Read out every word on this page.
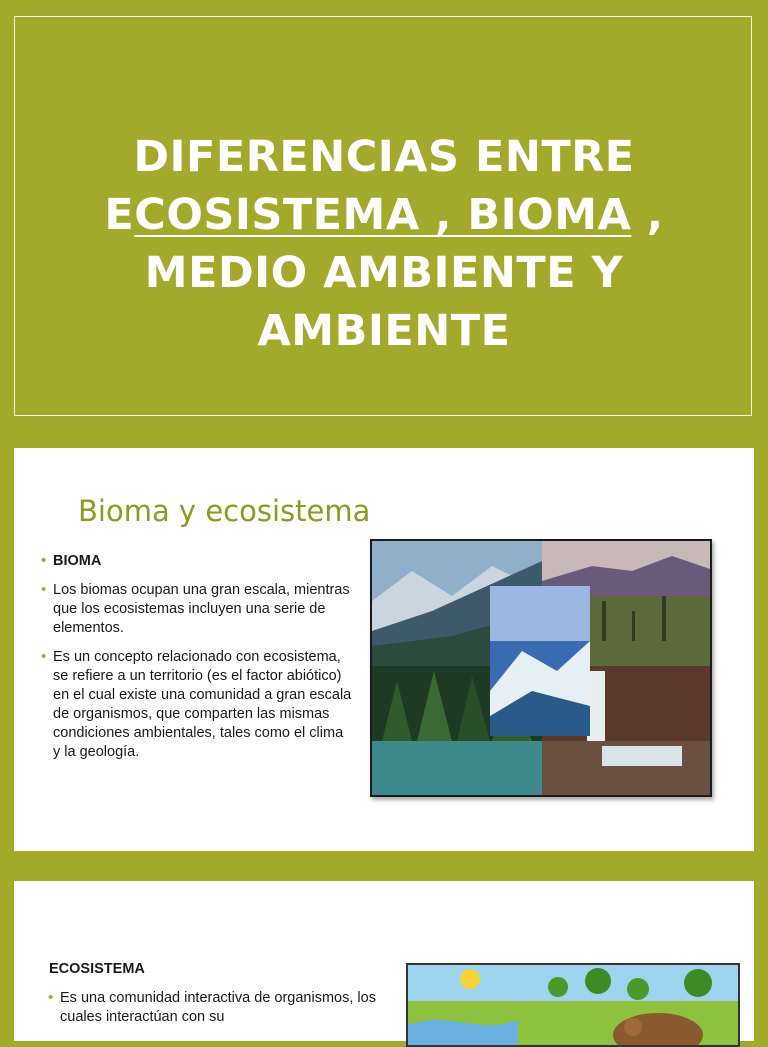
DIFERENCIAS ENTRE
ECOSISTEMA , BIOMA ,
MEDIO AMBIENTE Y
AMBIENTE
Bioma y ecosistema
• BIOMA
• Los biomas ocupan una gran escala, mientras que los ecosistemas incluyen una serie de elementos.
• Es un concepto relacionado con ecosistema, se refiere a un territorio (es el factor abiótico) en el cual existe una comunidad a gran escala de organismos, que comparten las mismas condiciones ambientales, tales como el clima y la geología.
ECOSISTEMA
• Es una comunidad interactiva de organismos, los cuales interactúan con su
